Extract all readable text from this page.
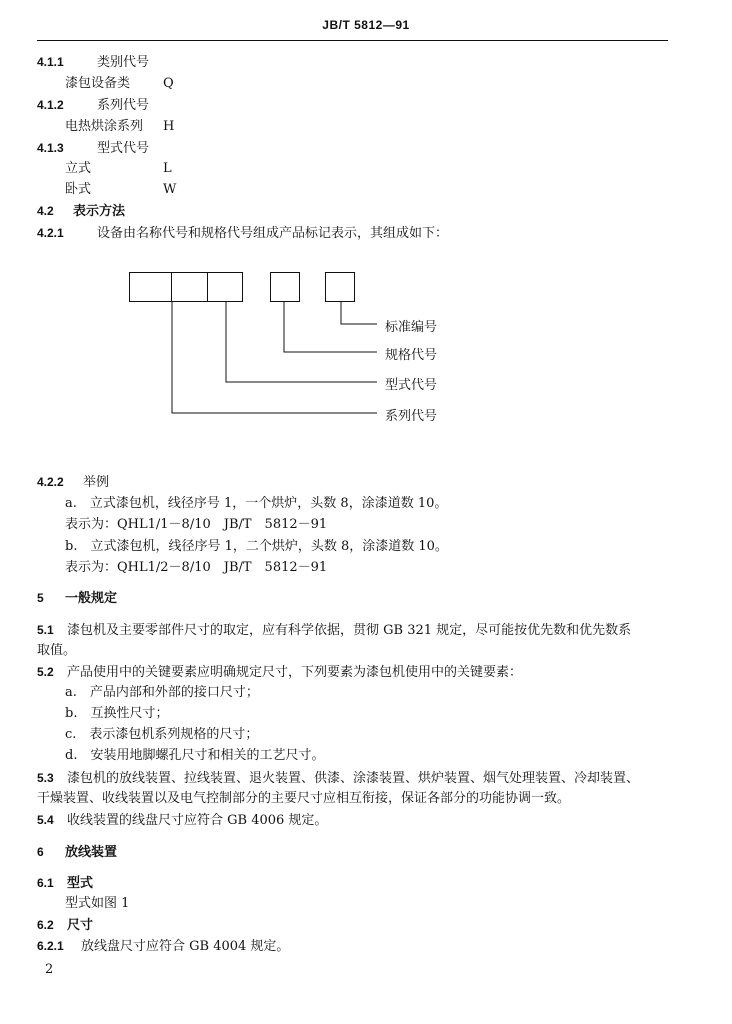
JB/T 5812—91
4.1.1	类别代号
漆包设备类	Q
4.1.2	系列代号
电热烘涂系列 H
4.1.3	型式代号
立式	L
卧式	W
4.2 表示方法
4.2.1	设备由名称代号和规格代号组成产品标记表示，其组成如下：
标准编号
规格代号
型式代号
系列代号
4.2.2 举例
a.　立式漆包机，线径序号 1，一个烘炉，头数 8，涂漆道数 10。
表示为：QHL1/1－8/10　JB/T　5812－91
b.　立式漆包机，线径序号 1，二个烘炉，头数 8，涂漆道数 10。
表示为：QHL1/2－8/10　JB/T　5812－91
5 一般规定
5.1 漆包机及主要零部件尺寸的取定，应有科学依据，贯彻 GB 321 规定，尽可能按优先数和优先数系
取值。
5.2 产品使用中的关键要素应明确规定尺寸，下列要素为漆包机使用中的关键要素：
a.　产品内部和外部的接口尺寸；
b.　互换性尺寸；
c.　表示漆包机系列规格的尺寸；
d.　安装用地脚螺孔尺寸和相关的工艺尺寸。
5.3 漆包机的放线装置、拉线装置、退火装置、供漆、涂漆装置、烘炉装置、烟气处理装置、冷却装置、
干燥装置、收线装置以及电气控制部分的主要尺寸应相互衔接，保证各部分的功能协调一致。
5.4 收线装置的线盘尺寸应符合 GB 4006 规定。
6 放线装置
6.1 型式
型式如图 1
6.2 尺寸
6.2.1 放线盘尺寸应符合 GB 4004 规定。
2
